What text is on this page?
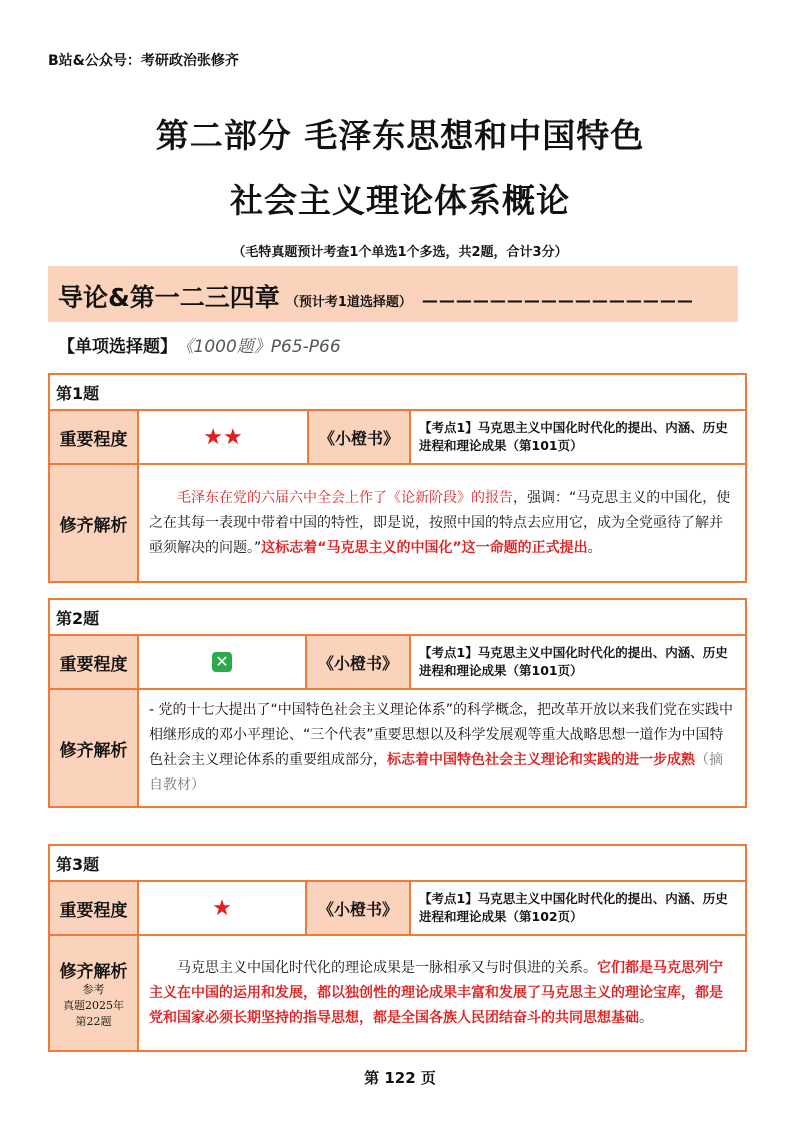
B站&公众号：考研政治张修齐
第二部分 毛泽东思想和中国特色
社会主义理论体系概论
（毛特真题预计考查1个单选1个多选，共2题，合计3分）
导论&第一二三四章 （预计考1道选择题） ————————————————
【单项选择题】 《1000题》P65-P66
第1题			
重要程度	★★	《小橙书》	【考点1】马克思主义中国化时代化的提出、内涵、历史进程和理论成果（第101页）
修齐解析	毛泽东在党的六届六中全会上作了《论新阶段》的报告，强调：“马克思主义的中国化，使之在其每一表现中带着中国的特性，即是说，按照中国的特点去应用它，成为全党亟待了解并亟须解决的问题。”这标志着“马克思主义的中国化”这一命题的正式提出。		
第2题			
重要程度	✕	《小橙书》	【考点1】马克思主义中国化时代化的提出、内涵、历史进程和理论成果（第101页）
修齐解析	- 党的十七大提出了“中国特色社会主义理论体系”的科学概念，把改革开放以来我们党在实践中相继形成的邓小平理论、“三个代表”重要思想以及科学发展观等重大战略思想一道作为中国特色社会主义理论体系的重要组成部分，标志着中国特色社会主义理论和实践的进一步成熟（摘自教材）		
第3题			
重要程度	★	《小橙书》	【考点1】马克思主义中国化时代化的提出、内涵、历史进程和理论成果（第102页）

修齐解析
参考
真题2025年
第22题	马克思主义中国化时代化的理论成果是一脉相承又与时俱进的关系。它们都是马克思列宁主义在中国的运用和发展，都以独创性的理论成果丰富和发展了马克思主义的理论宝库，都是党和国家必须长期坚持的指导思想，都是全国各族人民团结奋斗的共同思想基础。		
第 122 页
